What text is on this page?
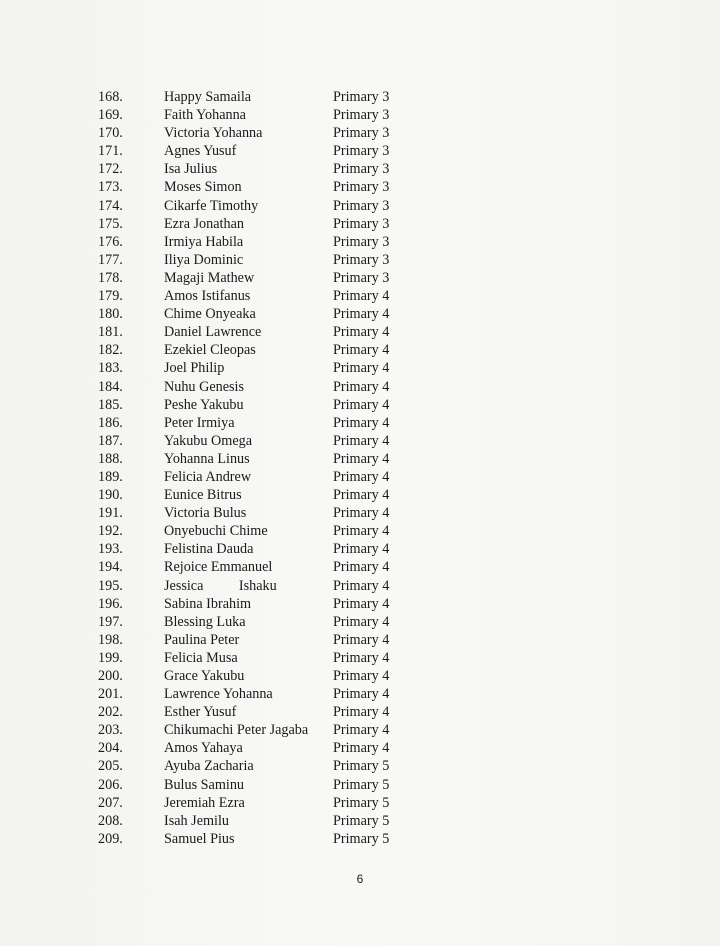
168.	Happy Samaila	Primary 3
169.	Faith Yohanna	Primary 3
170.	Victoria Yohanna	Primary 3
171.	Agnes Yusuf	Primary 3
172.	Isa Julius	Primary 3
173.	Moses Simon	Primary 3
174.	Cikarfe Timothy	Primary 3
175.	Ezra Jonathan	Primary 3
176.	Irmiya Habila	Primary 3
177.	Iliya Dominic	Primary 3
178.	Magaji Mathew	Primary 3
179.	Amos Istifanus	Primary 4
180.	Chime Onyeaka	Primary 4
181.	Daniel Lawrence	Primary 4
182.	Ezekiel Cleopas	Primary 4
183.	Joel Philip	Primary 4
184.	Nuhu Genesis	Primary 4
185.	Peshe Yakubu	Primary 4
186.	Peter Irmiya	Primary 4
187.	Yakubu Omega	Primary 4
188.	Yohanna Linus	Primary 4
189.	Felicia Andrew	Primary 4
190.	Eunice Bitrus	Primary 4
191.	Victoria Bulus	Primary 4
192.	Onyebuchi Chime	Primary 4
193.	Felistina Dauda	Primary 4
194.	Rejoice Emmanuel	Primary 4
195.	Jessica          Ishaku	Primary 4
196.	Sabina Ibrahim	Primary 4
197.	Blessing Luka	Primary 4
198.	Paulina Peter	Primary 4
199.	Felicia Musa	Primary 4
200.	Grace Yakubu	Primary 4
201.	Lawrence Yohanna	Primary 4
202.	Esther Yusuf	Primary 4
203.	Chikumachi Peter Jagaba	Primary 4
204.	Amos Yahaya	Primary 4
205.	Ayuba Zacharia	Primary 5
206.	Bulus Saminu	Primary 5
207.	Jeremiah Ezra	Primary 5
208.	Isah Jemilu	Primary 5
209.	Samuel Pius	Primary 5
6
